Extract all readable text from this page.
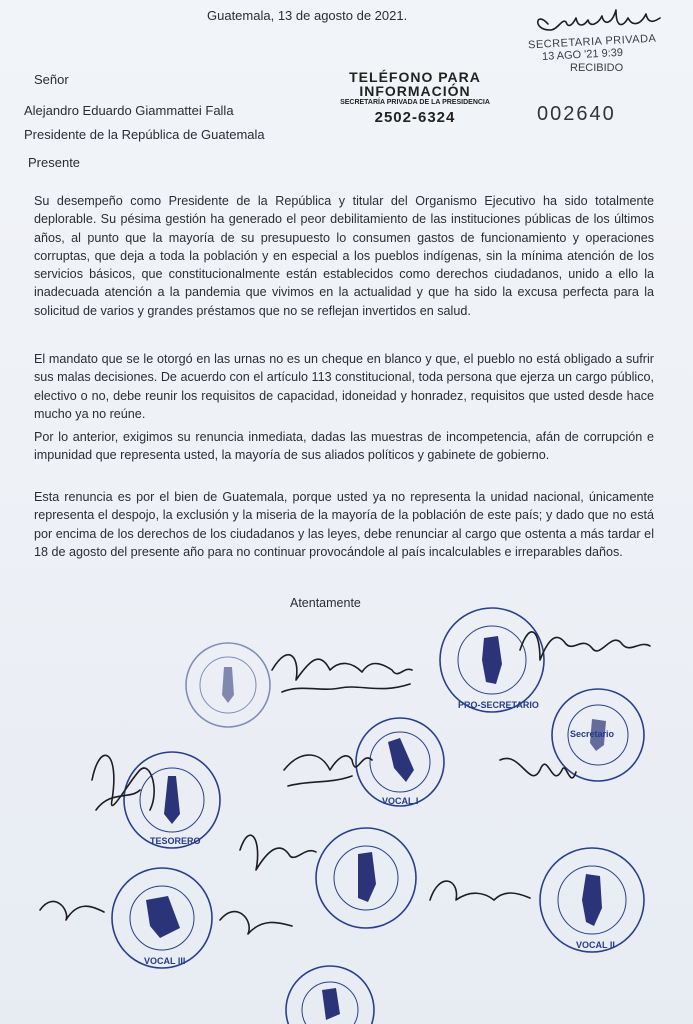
Guatemala, 13 de agosto de 2021.
Señor
Alejandro Eduardo Giammattei Falla
Presidente de la República de Guatemala
Presente
TELÉFONO PARA
INFORMACIÓN
SECRETARÍA PRIVADA DE LA PRESIDENCIA
2502-6324
SECRETARIA PRIVADA
13 AGO '21 9:39
RECIBIDO
002640
Su desempeño como Presidente de la República y titular del Organismo Ejecutivo ha sido totalmente deplorable. Su pésima gestión ha generado el peor debilitamiento de las instituciones públicas de los últimos años, al punto que la mayoría de su presupuesto lo consumen gastos de funcionamiento y operaciones corruptas, que deja a toda la población y en especial a los pueblos indígenas, sin la mínima atención de los servicios básicos, que constitucionalmente están establecidos como derechos ciudadanos, unido a ello la inadecuada atención a la pandemia que vivimos en la actualidad y que ha sido la excusa perfecta para la solicitud de varios y grandes préstamos que no se reflejan invertidos en salud.
El mandato que se le otorgó en las urnas no es un cheque en blanco y que, el pueblo no está obligado a sufrir sus malas decisiones. De acuerdo con el artículo 113 constitucional, toda persona que ejerza un cargo público, electivo o no, debe reunir los requisitos de capacidad, idoneidad y honradez, requisitos que usted desde hace mucho ya no reúne.
Por lo anterior, exigimos su renuncia inmediata, dadas las muestras de incompetencia, afán de corrupción e impunidad que representa usted, la mayoría de sus aliados políticos y gabinete de gobierno.
Esta renuncia es por el bien de Guatemala, porque usted ya no representa la unidad nacional, únicamente representa el despojo, la exclusión y la miseria de la mayoría de la población de este país; y dado que no está por encima de los derechos de los ciudadanos y las leyes, debe renunciar al cargo que ostenta a más tardar el 18 de agosto del presente año para no continuar provocándole al país incalculables e irreparables daños.
Atentamente
PRO-SECRETARIO
Secretario
TESORERO
VOCAL I
VOCAL III
VOCAL II
